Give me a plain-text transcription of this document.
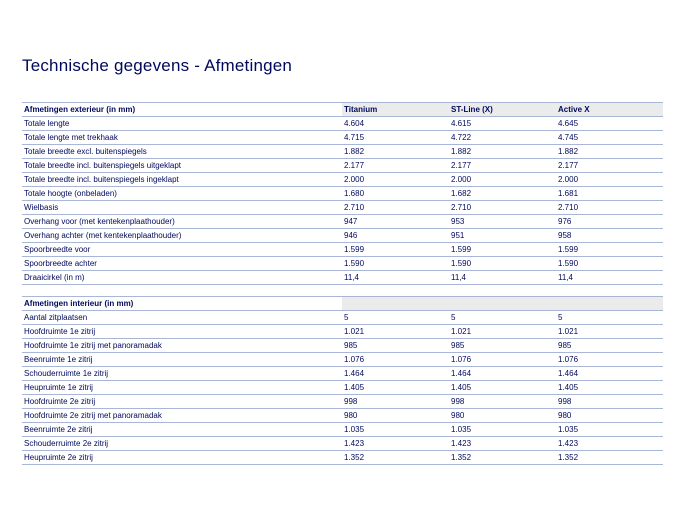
Technische gegevens - Afmetingen
Afmetingen exterieur (in mm)	Titanium	ST-Line (X)	Active X
Totale lengte	4.604	4.615	4.645
Totale lengte met trekhaak	4.715	4.722	4.745
Totale breedte excl. buitenspiegels	1.882	1.882	1.882
Totale breedte incl. buitenspiegels uitgeklapt	2.177	2.177	2.177
Totale breedte incl. buitenspiegels ingeklapt	2.000	2.000	2.000
Totale hoogte (onbeladen)	1.680	1.682	1.681
Wielbasis	2.710	2.710	2.710
Overhang voor (met kentekenplaathouder)	947	953	976
Overhang achter (met kentekenplaathouder)	946	951	958
Spoorbreedte voor	1.599	1.599	1.599
Spoorbreedte achter	1.590	1.590	1.590
Draaicirkel (in m)	11,4	11,4	11,4

Afmetingen interieur (in mm)			
Aantal zitplaatsen	5	5	5
Hoofdruimte 1e zitrij	1.021	1.021	1.021
Hoofdruimte 1e zitrij met panoramadak	985	985	985
Beenruimte 1e zitrij	1.076	1.076	1.076
Schouderruimte 1e zitrij	1.464	1.464	1.464
Heupruimte 1e zitrij	1.405	1.405	1.405
Hoofdruimte 2e zitrij	998	998	998
Hoofdruimte 2e zitrij met panoramadak	980	980	980
Beenruimte 2e zitrij	1.035	1.035	1.035
Schouderruimte 2e zitrij	1.423	1.423	1.423
Heupruimte 2e zitrij	1.352	1.352	1.352
